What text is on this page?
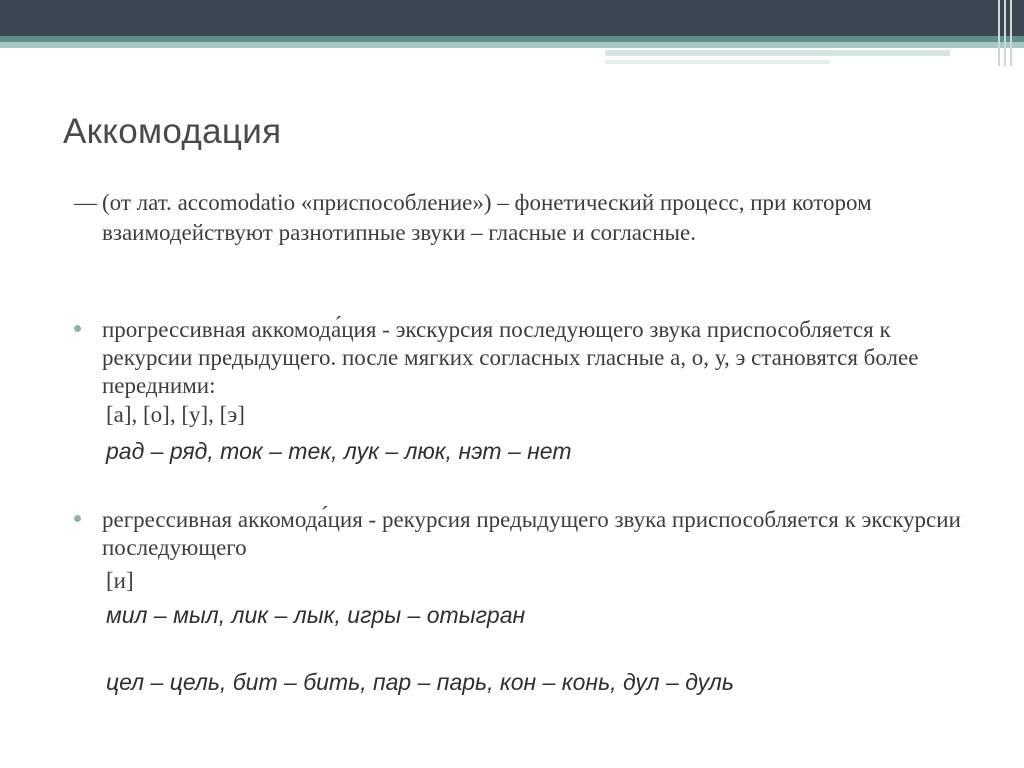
Аккомодация
— (от лат. accomodatio «приспособление») – фонетический процесс, при котором взаимодействуют разнотипные звуки – гласные и согласные.
прогрессивная аккомода́ция - экскурсия последующего звука приспособляется к рекурсии предыдущего. после мягких согласных гласные а, о, у, э становятся более передними:
[а], [о], [у], [э]
рад – ряд, ток – тек, лук – люк, нэт – нет
регрессивная аккомода́ция - рекурсия предыдущего звука приспособляется к экскурсии последующего
[и]
мил – мыл, лик – лык, игры – отыгран
цел – цель, бит – бить, пар – парь, кон – конь, дул – дуль
